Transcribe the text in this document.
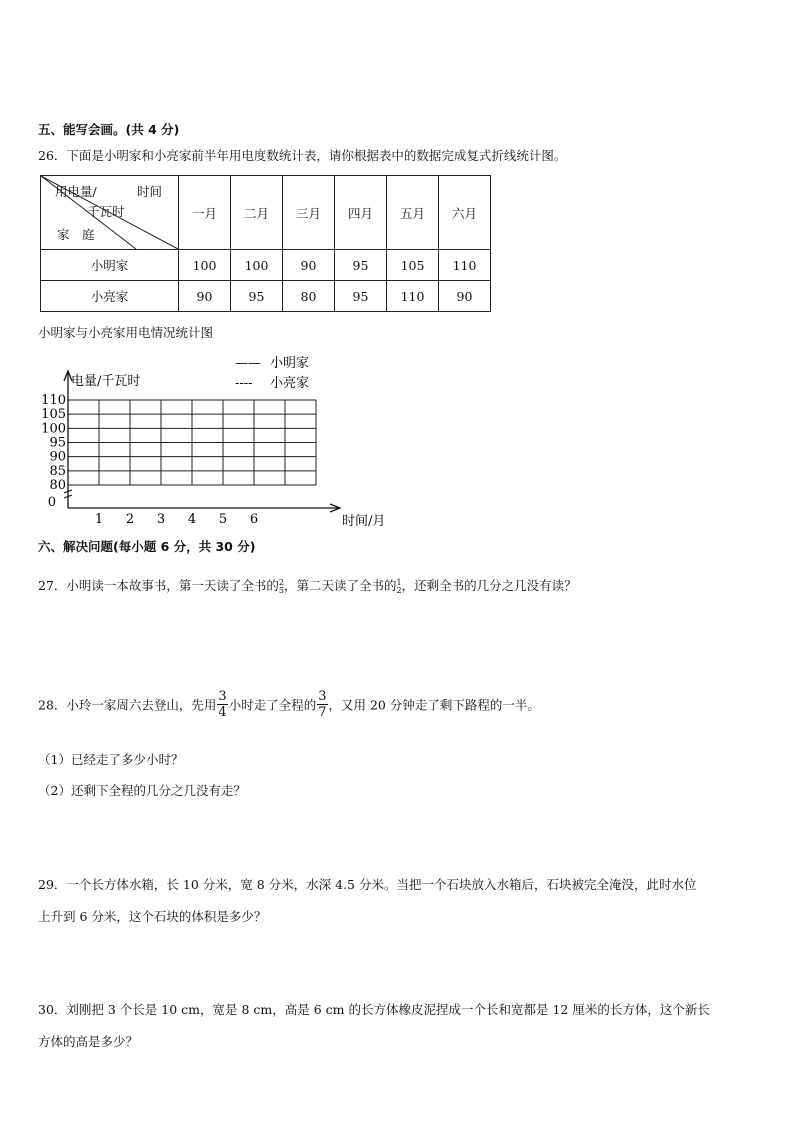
五、能写会画。(共 4 分)
26．下面是小明家和小亮家前半年用电度数统计表，请你根据表中的数据完成复式折线统计图。
用电量/ 时间
千瓦时
家　庭	一月	二月	三月	四月	五月	六月
小明家	100	100	90	95	105	110
小亮家	90	95	80	95	110	90
小明家与小亮家用电情况统计图
0
80
85
90
95
100
105
110
1 2 3 4 5 6
电量/千瓦时
时间/月
—— 小明家
---- 小亮家
六、解决问题(每小题 6 分，共 30 分)
27．小明读一本故事书，第一天读了全书的 2
5 ，第二天读了全书的 1
2 ，还剩全书的几分之几没有读？
28．小玲一家周六去登山，先用 $\frac{3}{4}$ 小时走了全程的 $\frac{3}{7}$ ，又用 20 分钟走了剩下路程的一半。
（1）已经走了多少小时？
（2）还剩下全程的几分之几没有走？
29．一个长方体水箱，长 10 分米，宽 8 分米，水深 4.5 分米。当把一个石块放入水箱后，石块被完全淹没，此时水位
上升到 6 分米，这个石块的体积是多少？
30．刘刚把 3 个长是 10 cm，宽是 8 cm，高是 6 cm 的长方体橡皮泥捏成一个长和宽都是 12 厘米的长方体，这个新长
方体的高是多少？
